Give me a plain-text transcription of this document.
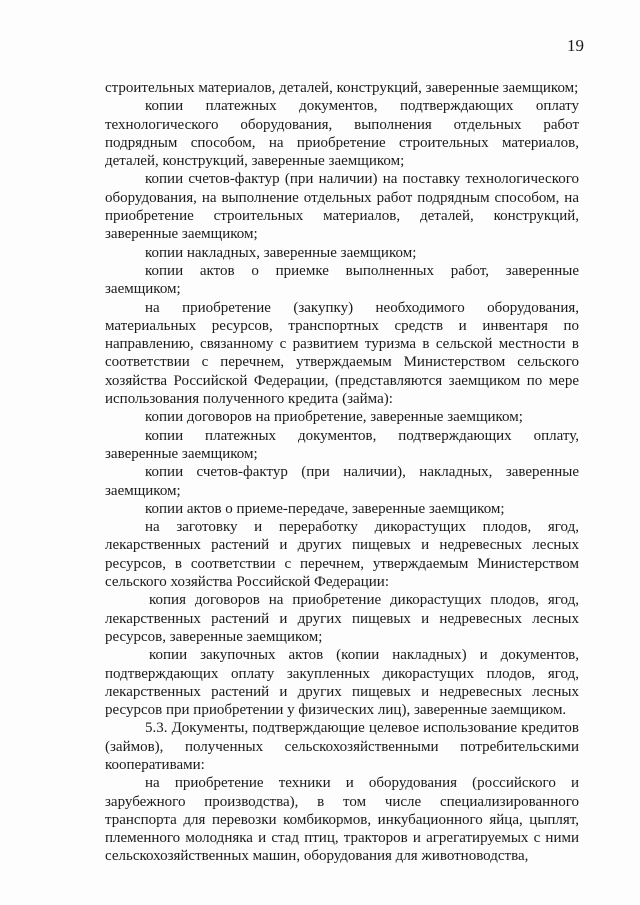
19

строительных материалов, деталей, конструкций, заверенные заемщиком;

копии платежных документов, подтверждающих оплату технологического оборудования, выполнения отдельных работ подрядным способом, на приобретение строительных материалов, деталей, конструкций, заверенные заемщиком;

копии счетов-фактур (при наличии) на поставку технологического оборудования, на выполнение отдельных работ подрядным способом, на приобретение строительных материалов, деталей, конструкций, заверенные заемщиком;

копии накладных, заверенные заемщиком;

копии актов о приемке выполненных работ, заверенные заемщиком;

на приобретение (закупку) необходимого оборудования, материальных ресурсов, транспортных средств и инвентаря по направлению, связанному с развитием туризма в сельской местности в соответствии с перечнем, утверждаемым Министерством сельского хозяйства Российской Федерации, (представляются заемщиком по мере использования полученного кредита (займа):

копии договоров на приобретение, заверенные заемщиком;

копии платежных документов, подтверждающих оплату, заверенные заемщиком;

копии счетов-фактур (при наличии), накладных, заверенные заемщиком;

копии актов о приеме-передаче, заверенные заемщиком;

на заготовку и переработку дикорастущих плодов, ягод, лекарственных растений и других пищевых и недревесных лесных ресурсов, в соответствии с перечнем, утверждаемым Министерством сельского хозяйства Российской Федерации:

копия договоров на приобретение дикорастущих плодов, ягод, лекарственных растений и других пищевых и недревесных лесных ресурсов, заверенные заемщиком;

копии закупочных актов (копии накладных) и документов, подтверждающих оплату закупленных дикорастущих плодов, ягод, лекарственных растений и других пищевых и недревесных лесных ресурсов при приобретении у физических лиц), заверенные заемщиком.

5.3. Документы, подтверждающие целевое использование кредитов (займов), полученных сельскохозяйственными потребительскими кооперативами:

на приобретение техники и оборудования (российского и зарубежного производства), в том числе специализированного транспорта для перевозки комбикормов, инкубационного яйца, цыплят, племенного молодняка и стад птиц, тракторов и агрегатируемых с ними сельскохозяйственных машин, оборудования для животноводства,
